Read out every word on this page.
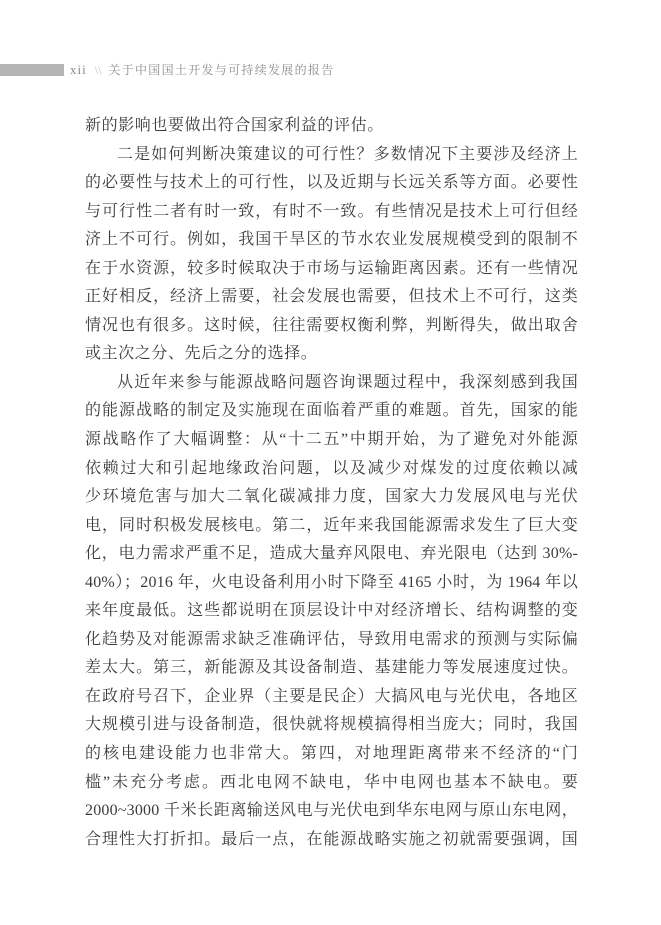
xii \\ 关于中国国土开发与可持续发展的报告
新的影响也要做出符合国家利益的评估。
二是如何判断决策建议的可行性？多数情况下主要涉及经济上
的必要性与技术上的可行性，以及近期与长远关系等方面。必要性
与可行性二者有时一致，有时不一致。有些情况是技术上可行但经
济上不可行。例如，我国干旱区的节水农业发展规模受到的限制不
在于水资源，较多时候取决于市场与运输距离因素。还有一些情况
正好相反，经济上需要，社会发展也需要，但技术上不可行，这类
情况也有很多。这时候，往往需要权衡利弊，判断得失，做出取舍
或主次之分、先后之分的选择。
从近年来参与能源战略问题咨询课题过程中，我深刻感到我国
的能源战略的制定及实施现在面临着严重的难题。首先，国家的能
源战略作了大幅调整：从“十二五”中期开始，为了避免对外能源
依赖过大和引起地缘政治问题，以及减少对煤发的过度依赖以减
少环境危害与加大二氧化碳减排力度，国家大力发展风电与光伏
电，同时积极发展核电。第二，近年来我国能源需求发生了巨大变
化，电力需求严重不足，造成大量弃风限电、弃光限电（达到 30%-
40%）；2016 年，火电设备利用小时下降至 4165 小时，为 1964 年以
来年度最低。这些都说明在顶层设计中对经济增长、结构调整的变
化趋势及对能源需求缺乏准确评估，导致用电需求的预测与实际偏
差太大。第三，新能源及其设备制造、基建能力等发展速度过快。
在政府号召下，企业界（主要是民企）大搞风电与光伏电，各地区
大规模引进与设备制造，很快就将规模搞得相当庞大；同时，我国
的核电建设能力也非常大。第四，对地理距离带来不经济的“门
槛”未充分考虑。西北电网不缺电，华中电网也基本不缺电。要
2000~3000 千米长距离输送风电与光伏电到华东电网与原山东电网，
合理性大打折扣。最后一点，在能源战略实施之初就需要强调，国
